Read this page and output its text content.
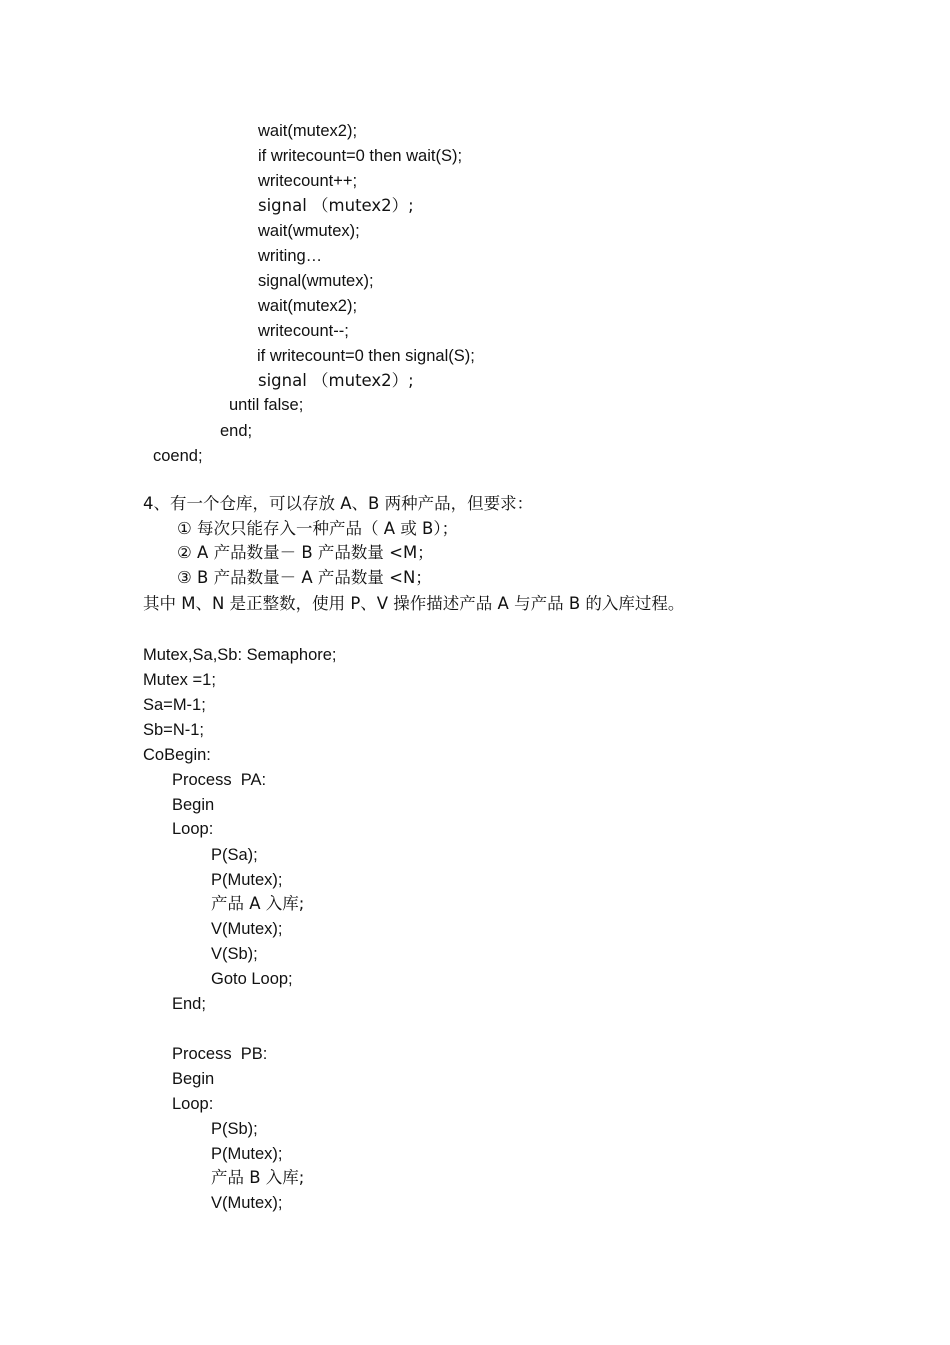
wait(mutex2);
if writecount=0 then wait(S);
writecount++;
signal （mutex2）;
wait(wmutex);
writing…
signal(wmutex);
wait(mutex2);
writecount--;
if writecount=0 then signal(S);
signal （mutex2）;
until false;
end;
coend;
4、有一个仓库，可以存放 A、B 两种产品，但要求：
① 每次只能存入一种产品（ A 或 B）；
② A 产品数量－ B 产品数量 <M；
③ B 产品数量－ A 产品数量 <N；
其中 M、N 是正整数，使用 P、V 操作描述产品 A 与产品 B 的入库过程。
Mutex,Sa,Sb: Semaphore;
Mutex =1;
Sa=M-1;
Sb=N-1;
CoBegin:
Process  PA:
Begin
Loop:
P(Sa);
P(Mutex);
产品 A 入库;
V(Mutex);
V(Sb);
Goto Loop;
End;
Process  PB:
Begin
Loop:
P(Sb);
P(Mutex);
产品 B 入库;
V(Mutex);
